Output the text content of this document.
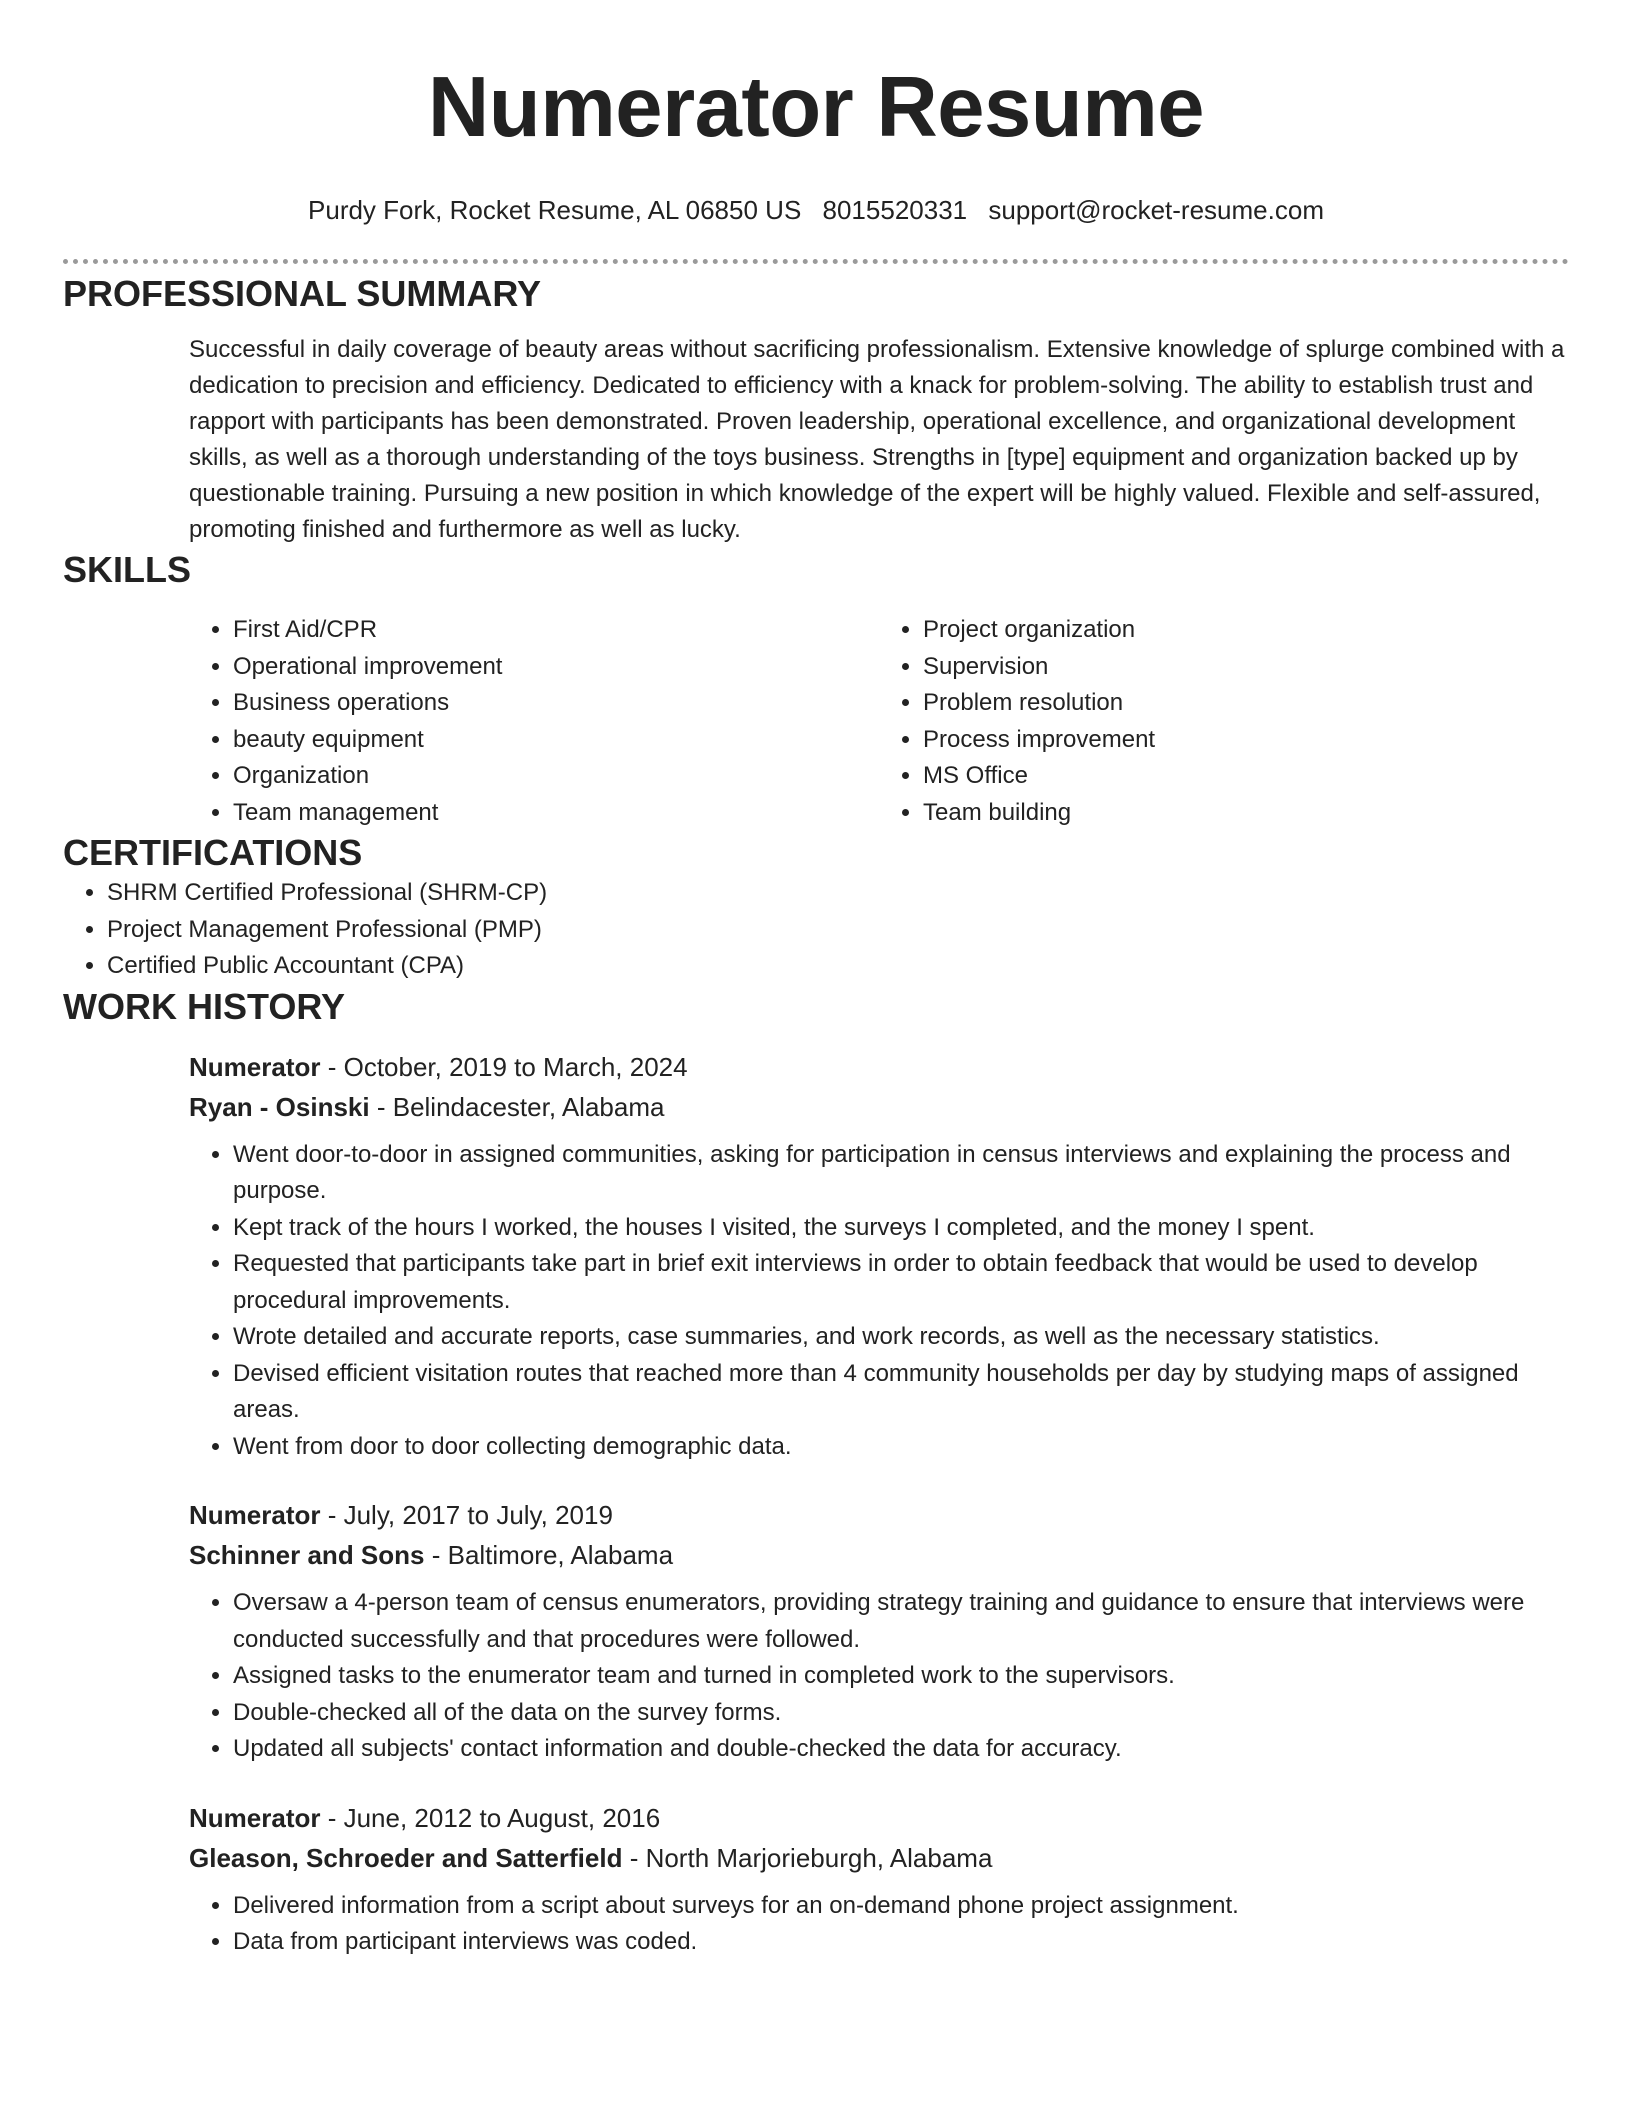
Numerator Resume
Purdy Fork, Rocket Resume, AL 06850 US 8015520331 support@rocket-resume.com
PROFESSIONAL SUMMARY
Successful in daily coverage of beauty areas without sacrificing professionalism. Extensive knowledge of splurge combined with a dedication to precision and efficiency. Dedicated to efficiency with a knack for problem-solving. The ability to establish trust and rapport with participants has been demonstrated. Proven leadership, operational excellence, and organizational development skills, as well as a thorough understanding of the toys business. Strengths in [type] equipment and organization backed up by questionable training. Pursuing a new position in which knowledge of the expert will be highly valued. Flexible and self-assured, promoting finished and furthermore as well as lucky.
SKILLS
• First Aid/CPR
• Operational improvement
• Business operations
• beauty equipment
• Organization
• Team management
• Project organization
• Supervision
• Problem resolution
• Process improvement
• MS Office
• Team building
CERTIFICATIONS
• SHRM Certified Professional (SHRM-CP)
• Project Management Professional (PMP)
• Certified Public Accountant (CPA)
WORK HISTORY
Numerator - October, 2019 to March, 2024
Ryan - Osinski - Belindacester, Alabama
• Went door-to-door in assigned communities, asking for participation in census interviews and explaining the process and purpose.
• Kept track of the hours I worked, the houses I visited, the surveys I completed, and the money I spent.
• Requested that participants take part in brief exit interviews in order to obtain feedback that would be used to develop procedural improvements.
• Wrote detailed and accurate reports, case summaries, and work records, as well as the necessary statistics.
• Devised efficient visitation routes that reached more than 4 community households per day by studying maps of assigned areas.
• Went from door to door collecting demographic data.
Numerator - July, 2017 to July, 2019
Schinner and Sons - Baltimore, Alabama
• Oversaw a 4-person team of census enumerators, providing strategy training and guidance to ensure that interviews were conducted successfully and that procedures were followed.
• Assigned tasks to the enumerator team and turned in completed work to the supervisors.
• Double-checked all of the data on the survey forms.
• Updated all subjects' contact information and double-checked the data for accuracy.
Numerator - June, 2012 to August, 2016
Gleason, Schroeder and Satterfield - North Marjorieburgh, Alabama
• Delivered information from a script about surveys for an on-demand phone project assignment.
• Data from participant interviews was coded.
